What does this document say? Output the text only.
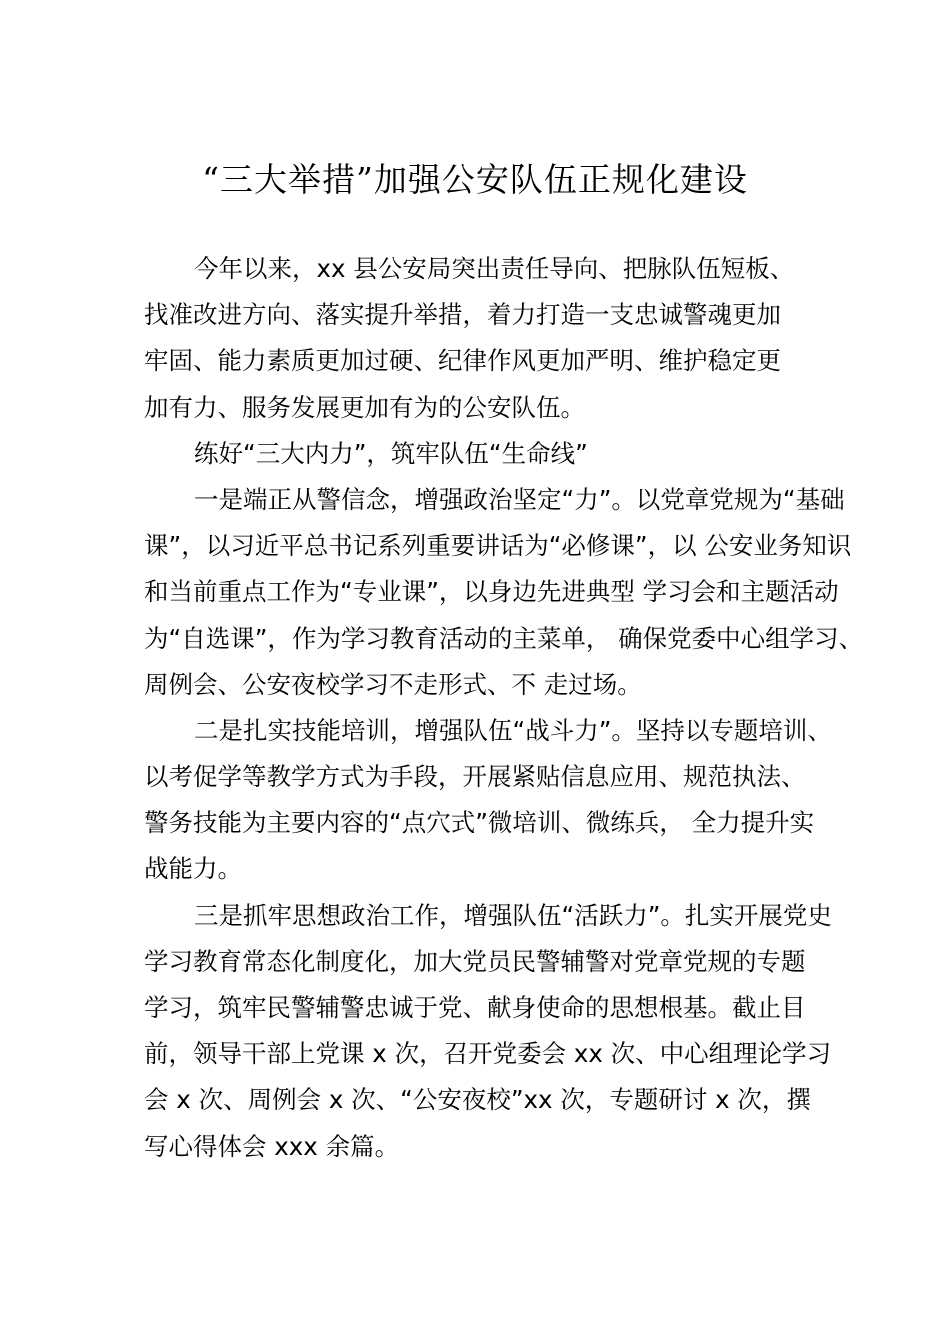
“三大举措”加强公安队伍正规化建设
今年以来，xx 县公安局突出责任导向、把脉队伍短板、
找准改进方向、落实提升举措，着力打造一支忠诚警魂更加
牢固、能力素质更加过硬、纪律作风更加严明、维护稳定更
加有力、服务发展更加有为的公安队伍。
练好“三大内力”，筑牢队伍“生命线”
一是端正从警信念，增强政治坚定“力”。以党章党规为“基础
课”，以习近平总书记系列重要讲话为“必修课”，以 公安业务知识
和当前重点工作为“专业课”，以身边先进典型 学习会和主题活动
为“自选课”，作为学习教育活动的主菜单， 确保党委中心组学习、
周例会、公安夜校学习不走形式、不 走过场。
二是扎实技能培训，增强队伍“战斗力”。坚持以专题培训、
以考促学等教学方式为手段，开展紧贴信息应用、规范执法、
警务技能为主要内容的“点穴式”微培训、微练兵， 全力提升实
战能力。
三是抓牢思想政治工作，增强队伍“活跃力”。扎实开展党史
学习教育常态化制度化，加大党员民警辅警对党章党规的专题
学习，筑牢民警辅警忠诚于党、献身使命的思想根基。截止目
前，领导干部上党课 x 次，召开党委会 xx 次、中心组理论学习
会 x 次、周例会 x 次、“公安夜校”xx 次，专题研讨 x 次，撰
写心得体会 xxx 余篇。
